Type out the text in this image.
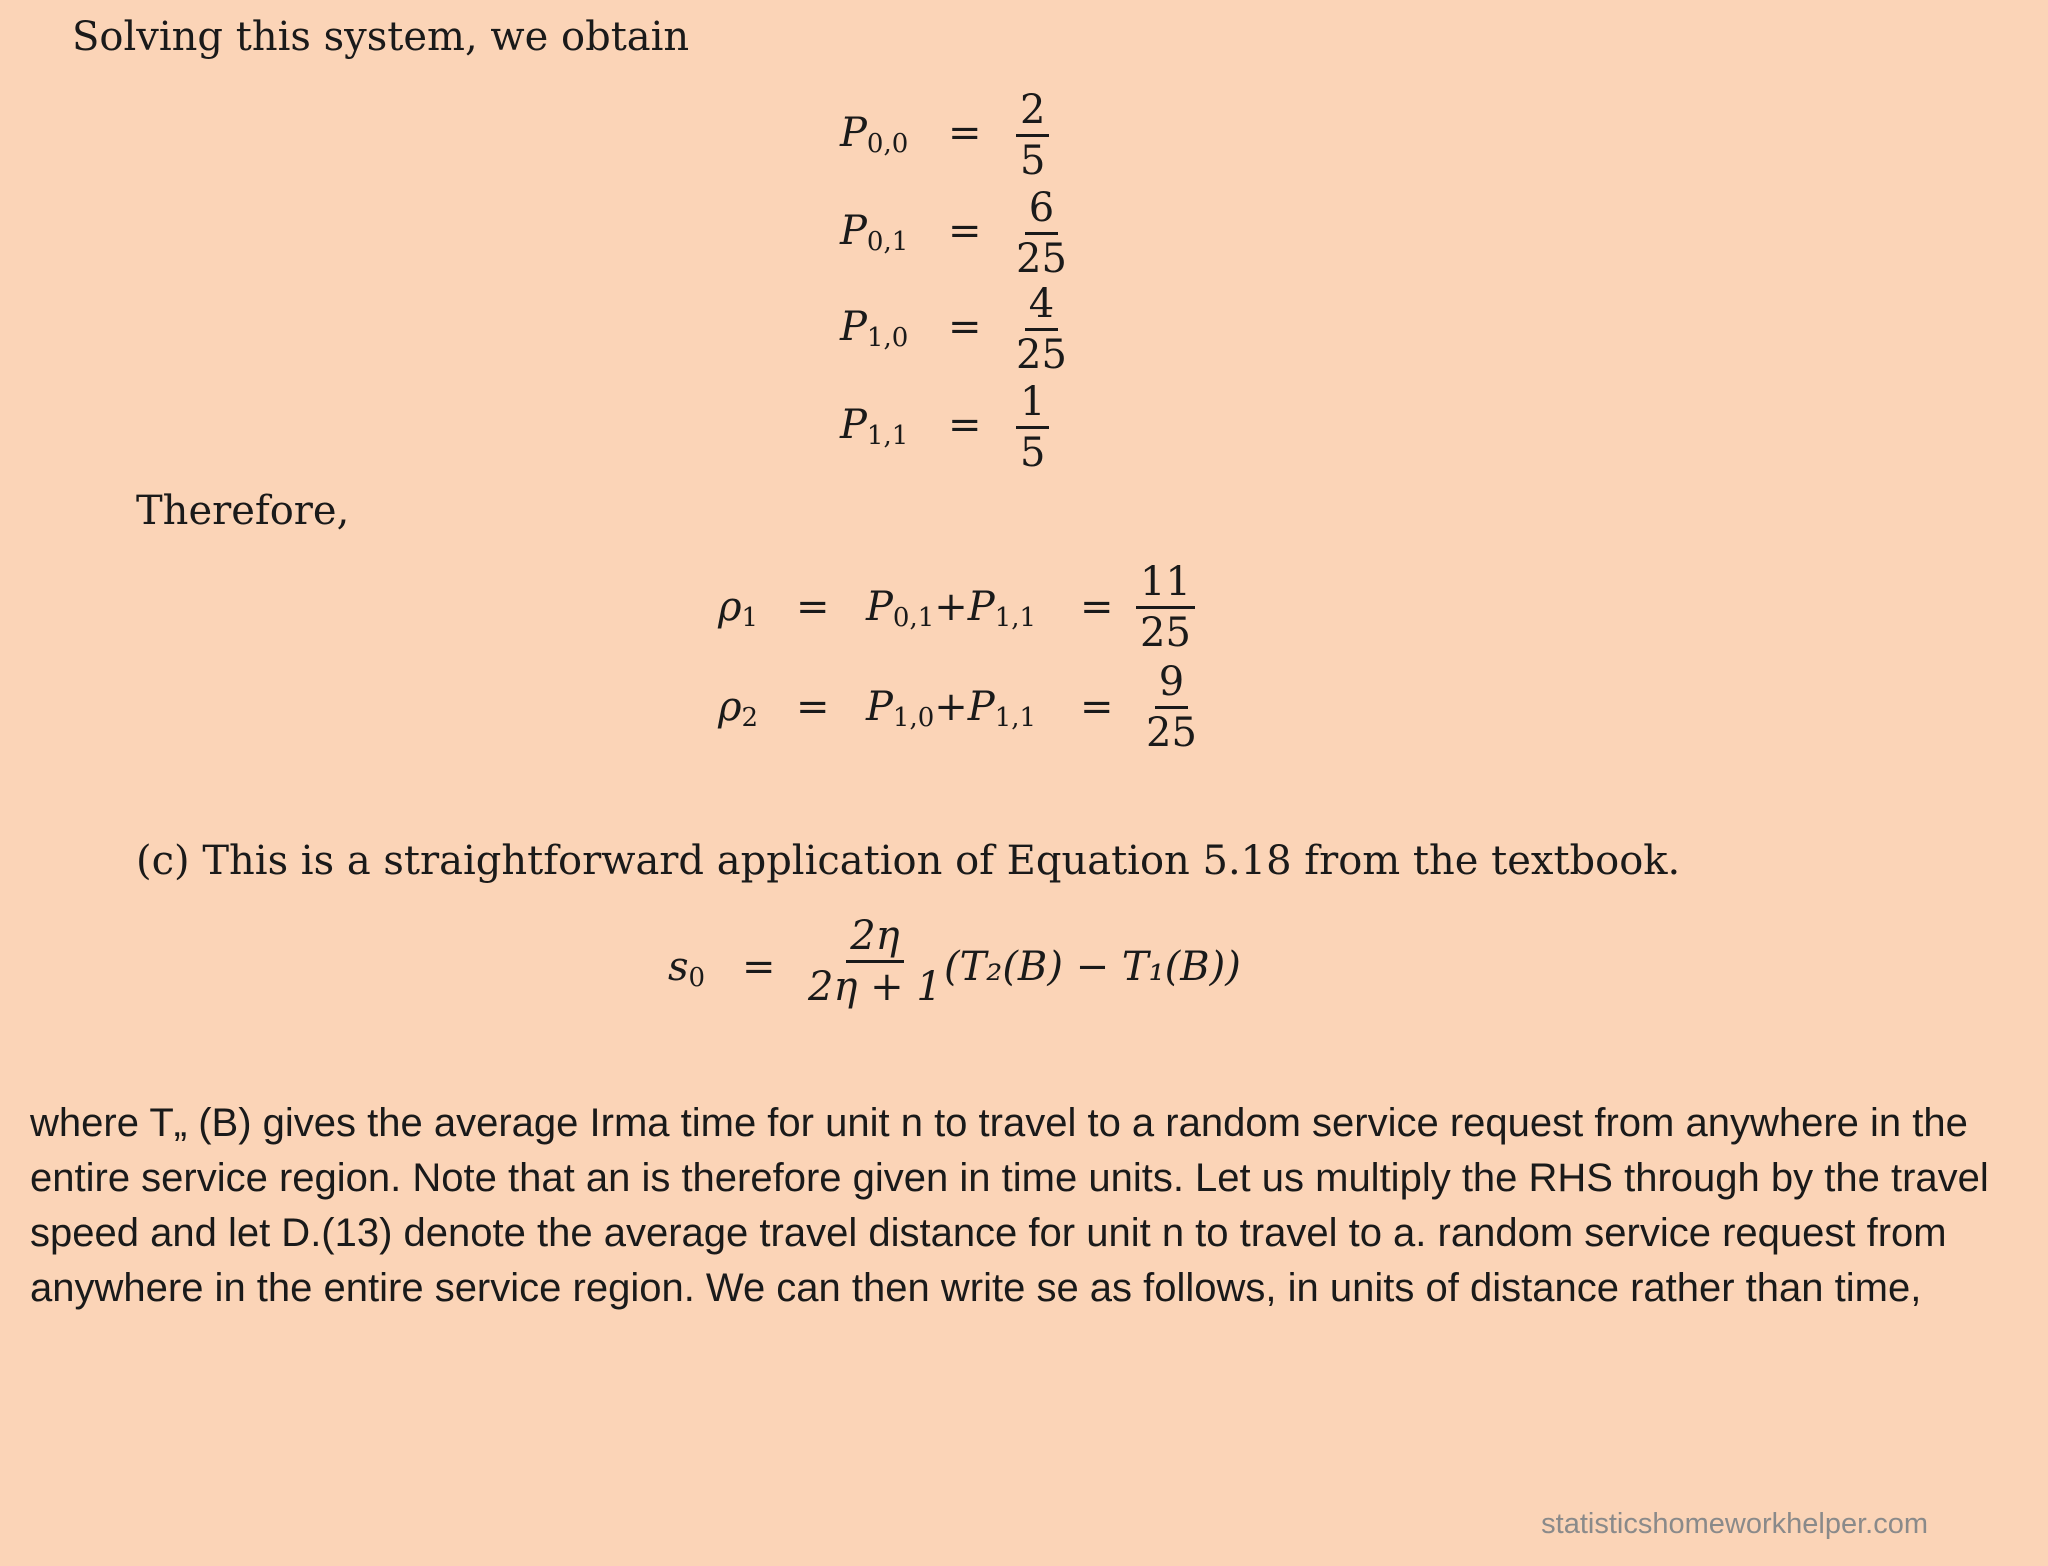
Solving this system, we obtain
$P_{0,0} = \frac{2}{5}$
$P_{0,1} = \frac{6}{25}$
$P_{1,0} = \frac{4}{25}$
$P_{1,1} = \frac{1}{5}$
Therefore,
$\rho_1 = P_{0,1}+P_{1,1} = \frac{11}{25}$
$\rho_2 = P_{1,0}+P_{1,1} = \frac{9}{25}$
(c) This is a straightforward application of Equation 5.18 from the textbook.
$s_0 = \frac{2\eta}{2\eta + 1} (T_2(B) - T_1(B))$
where T„ (B) gives the average Irma time for unit n to travel to a random service request from anywhere in the entire service region. Note that an is therefore given in time units. Let us multiply the RHS through by the travel speed and let D.(13) denote the average travel distance for unit n to travel to a. random service request from anywhere in the entire service region. We can then write se as follows, in units of distance rather than time,
statisticshomeworkhelper.com
